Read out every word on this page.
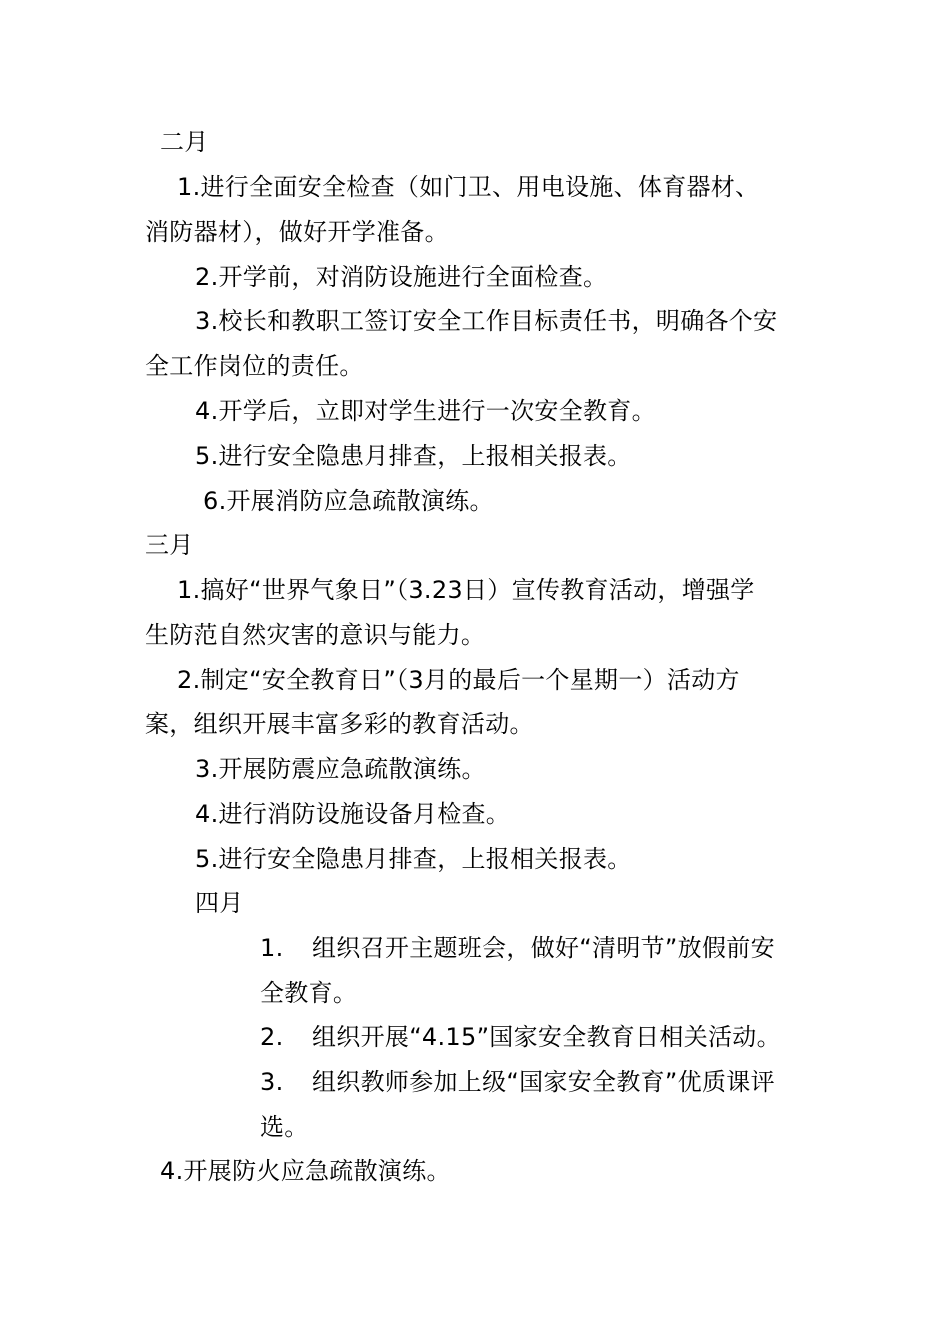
二月
1.进行全面安全检查（如门卫、用电设施、体育器材、
消防器材），做好开学准备。
2.开学前，对消防设施进行全面检查。
3.校长和教职工签订安全工作目标责任书，明确各个安
全工作岗位的责任。
4.开学后，立即对学生进行一次安全教育。
5.进行安全隐患月排查，上报相关报表。
6.开展消防应急疏散演练。
三月
1.搞好“世界气象日”（3.23日）宣传教育活动，增强学
生防范自然灾害的意识与能力。
2.制定“安全教育日”（3月的最后一个星期一）活动方
案，组织开展丰富多彩的教育活动。
3.开展防震应急疏散演练。
4.进行消防设施设备月检查。
5.进行安全隐患月排查，上报相关报表。
四月
1. 组织召开主题班会，做好“清明节”放假前安
全教育。
2. 组织开展“4.15”国家安全教育日相关活动。
3. 组织教师参加上级“国家安全教育”优质课评
选。
4.开展防火应急疏散演练。
